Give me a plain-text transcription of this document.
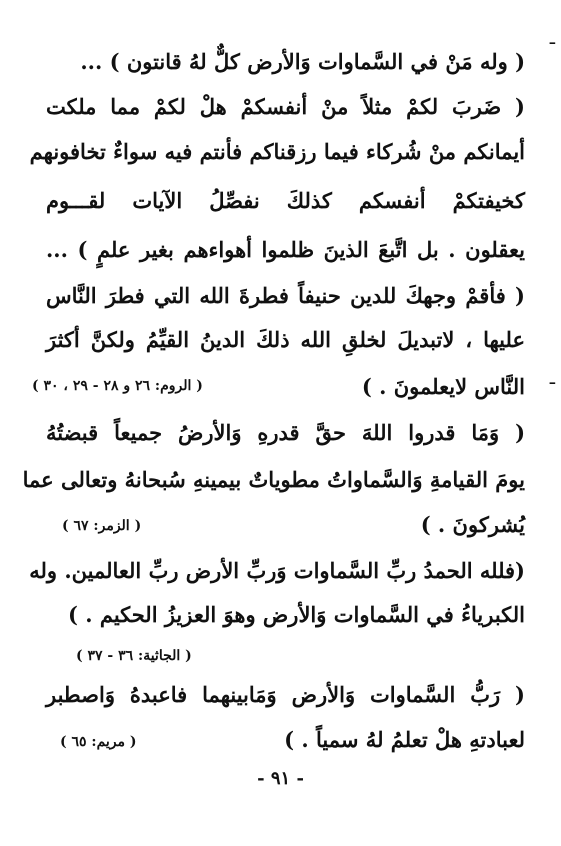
ـ
ـ
( وله مَنْ في السَّماوات وَالأرض كلٌّ لهُ قانتون ) ...
( ضَربَ لكمْ مثلاً منْ أنفسكمْ هلْ لكمْ مما ملكت
أيمانكم منْ شُركاء فيما رزقناكم فأنتم فيه سواءٌ تخافونهم
كخيفتكمْ أنفسكم كذلكَ نفصِّلُ الآيات لقـــوم
يعقلون . بل اتَّبعَ الذينَ ظلموا أهواءهم بغير علمٍ ) ...
( فأقمْ وجهكَ للدين حنيفاً فطرةَ الله التي فطرَ النَّاس
عليها ، لاتبديلَ لخلقِ الله ذلكَ الدينُ القيِّمُ ولكنَّ أكثرَ
النَّاس لايعلمونَ . )
( الروم: ٢٦ و ٢٨ - ٢٩ ، ٣٠ )
( وَمَا قدروا اللهَ حقَّ قدرهِ وَالأرضُ جميعاً قبضتُهُ
يومَ القيامةِ وَالسَّماواتُ مطوياتٌ بيمينهِ سُبحانهُ وتعالى عما
يُشركونَ . )
( الزمر: ٦٧ )
(فلله الحمدُ ربِّ السَّماوات وَربِّ الأرض ربِّ العالمين. وله
الكبرياءُ في السَّماوات وَالأرض وهوَ العزيزُ الحكيم . )
( الجاثية: ٣٦ - ٣٧ )
( رَبُّ السَّماوات وَالأرض وَمَابينهما فاعبدهُ وَاصطبر
لعبادتهِ هلْ تعلمُ لهُ سمياً . )
( مريم: ٦٥ )
- ٩١ -
